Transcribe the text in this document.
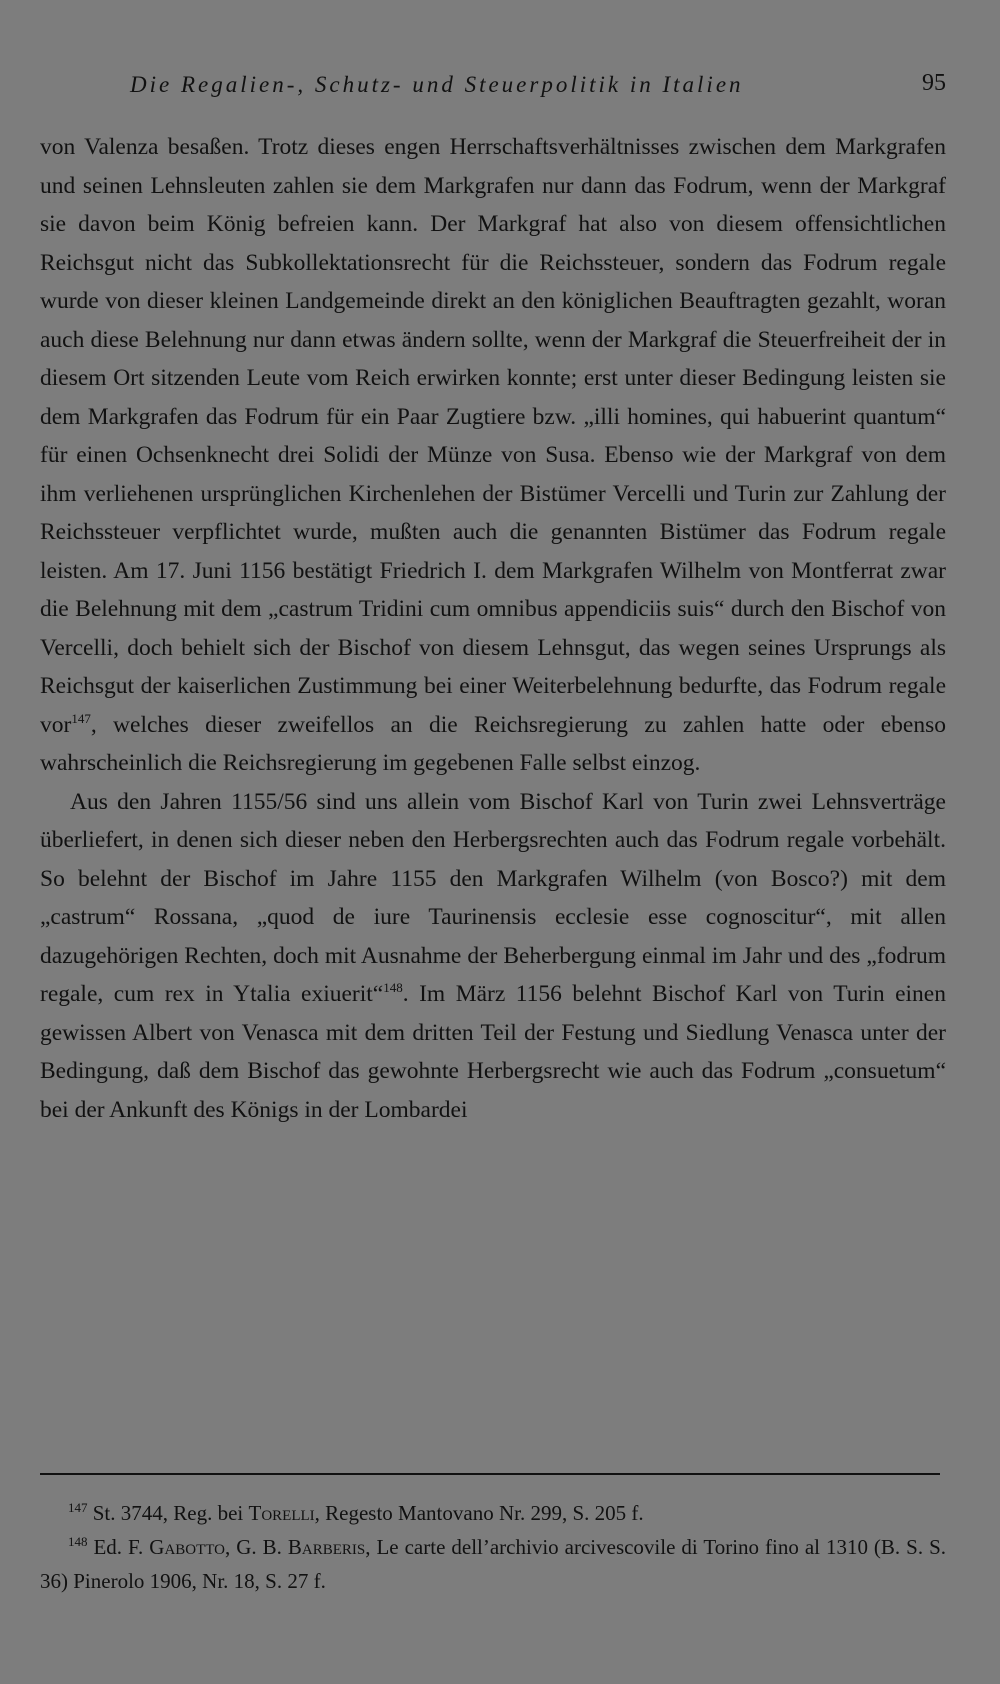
Die Regalien-, Schutz- und Steuerpolitik in Italien	95

von Valenza besaßen. Trotz dieses engen Herrschaftsverhältnisses zwischen dem Markgrafen und seinen Lehnsleuten zahlen sie dem Markgrafen nur dann das Fodrum, wenn der Markgraf sie davon beim König befreien kann. Der Markgraf hat also von diesem offensichtlichen Reichsgut nicht das Subkollektationsrecht für die Reichssteuer, sondern das Fodrum regale wurde von dieser kleinen Landgemeinde direkt an den königlichen Beauftragten gezahlt, woran auch diese Belehnung nur dann etwas ändern sollte, wenn der Markgraf die Steuerfreiheit der in diesem Ort sitzenden Leute vom Reich erwirken konnte; erst unter dieser Bedingung leisten sie dem Markgrafen das Fodrum für ein Paar Zugtiere bzw. „illi homines, qui habuerint quantum“ für einen Ochsenknecht drei Solidi der Münze von Susa. Ebenso wie der Markgraf von dem ihm verliehenen ursprünglichen Kirchenlehen der Bistümer Vercelli und Turin zur Zahlung der Reichssteuer verpflichtet wurde, mußten auch die genannten Bistümer das Fodrum regale leisten. Am 17. Juni 1156 bestätigt Friedrich I. dem Markgrafen Wilhelm von Montferrat zwar die Belehnung mit dem „castrum Tridini cum omnibus appendiciis suis“ durch den Bischof von Vercelli, doch behielt sich der Bischof von diesem Lehnsgut, das wegen seines Ursprungs als Reichsgut der kaiserlichen Zustimmung bei einer Weiterbelehnung bedurfte, das Fodrum regale vor$^{147}$, welches dieser zweifellos an die Reichsregierung zu zahlen hatte oder ebenso wahrscheinlich die Reichsregierung im gegebenen Falle selbst einzog.

Aus den Jahren 1155/56 sind uns allein vom Bischof Karl von Turin zwei Lehnsverträge überliefert, in denen sich dieser neben den Herbergsrechten auch das Fodrum regale vorbehält. So belehnt der Bischof im Jahre 1155 den Markgrafen Wilhelm (von Bosco?) mit dem „castrum“ Rossana, „quod de iure Taurinensis ecclesie esse cognoscitur“, mit allen dazugehörigen Rechten, doch mit Ausnahme der Beherbergung einmal im Jahr und des „fodrum regale, cum rex in Ytalia exiuerit“$^{148}$. Im März 1156 belehnt Bischof Karl von Turin einen gewissen Albert von Venasca mit dem dritten Teil der Festung und Siedlung Venasca unter der Bedingung, daß dem Bischof das gewohnte Herbergsrecht wie auch das Fodrum „consuetum“ bei der Ankunft des Königs in der Lombardei

$^{147}$ St. 3744, Reg. bei Torelli, Regesto Mantovano Nr. 299, S. 205 f.

$^{148}$ Ed. F. Gabotto, G. B. Barberis, Le carte dell’archivio arcivescovile di Torino fino al 1310 (B. S. S. 36) Pinerolo 1906, Nr. 18, S. 27 f.
